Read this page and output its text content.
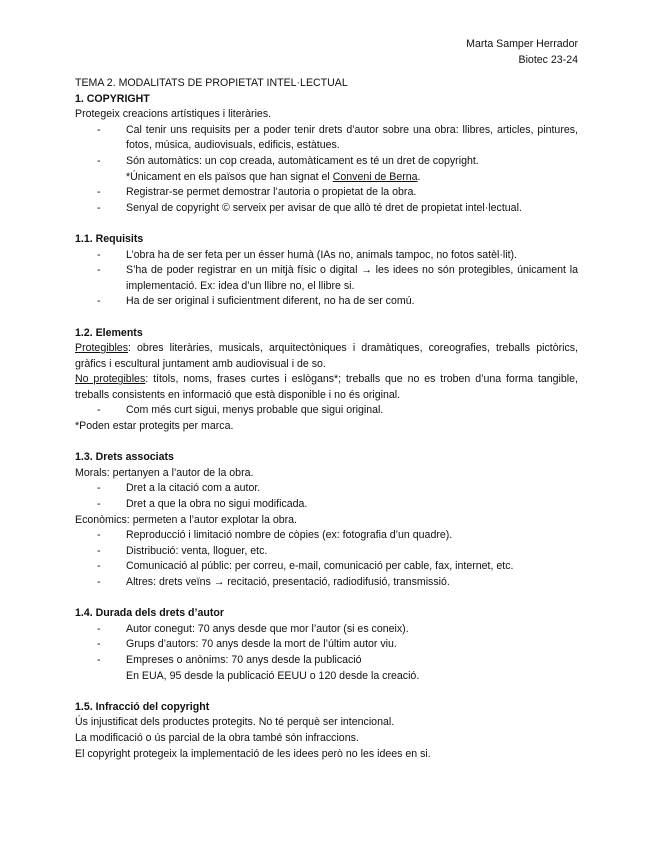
Marta Samper Herrador
Biotec 23-24

TEMA 2. MODALITATS DE PROPIETAT INTEL·LECTUAL

1. COPYRIGHT

Protegeix creacions artístiques i literàries.

- Cal tenir uns requisits per a poder tenir drets d’autor sobre una obra: llibres, articles, pintures, fotos, música, audiovisuals, edificis, estàtues.
- Són automàtics: un cop creada, automàticament es té un dret de copyright.
*Únicament en els països que han signat el Conveni de Berna.
- Registrar-se permet demostrar l’autoria o propietat de la obra.
- Senyal de copyright © serveix per avisar de que allò té dret de propietat intel·lectual.

1.1. Requisits

- L’obra ha de ser feta per un ésser humà (IAs no, animals tampoc, no fotos satèl·lit).
- S’ha de poder registrar en un mitjà físic o digital → les idees no són protegibles, únicament la implementació. Ex: idea d’un llibre no, el llibre si.
- Ha de ser original i suficientment diferent, no ha de ser comú.

1.2. Elements

Protegibles: obres literàries, musicals, arquitectòniques i dramàtiques, coreografies, treballs pictòrics, gràfics i escultural juntament amb audiovisual i de so.

No protegibles: títols, noms, frases curtes i eslògans*; treballs que no es troben d’una forma tangible, treballs consistents en informació que està disponible i no és original.

- Com més curt sigui, menys probable que sigui original.

*Poden estar protegits per marca.

1.3. Drets associats

Morals: pertanyen a l’autor de la obra.

- Dret a la citació com a autor.
- Dret a que la obra no sigui modificada.

Econòmics: permeten a l’autor explotar la obra.

- Reproducció i limitació nombre de còpies (ex: fotografia d’un quadre).
- Distribució: venta, lloguer, etc.
- Comunicació al públic: per correu, e-mail, comunicació per cable, fax, internet, etc.
- Altres: drets veïns → recitació, presentació, radiodifusió, transmissió.

1.4. Durada dels drets d’autor

- Autor conegut: 70 anys desde que mor l’autor (si es coneix).
- Grups d’autors: 70 anys desde la mort de l’últim autor viu.
- Empreses o anònims: 70 anys desde la publicació

En EUA, 95 desde la publicació EEUU o 120 desde la creació.

1.5. Infracció del copyright

Ús injustificat dels productes protegits. No té perquè ser intencional.

La modificació o ús parcial de la obra també són infraccions.

El copyright protegeix la implementació de les idees però no les idees en si.
